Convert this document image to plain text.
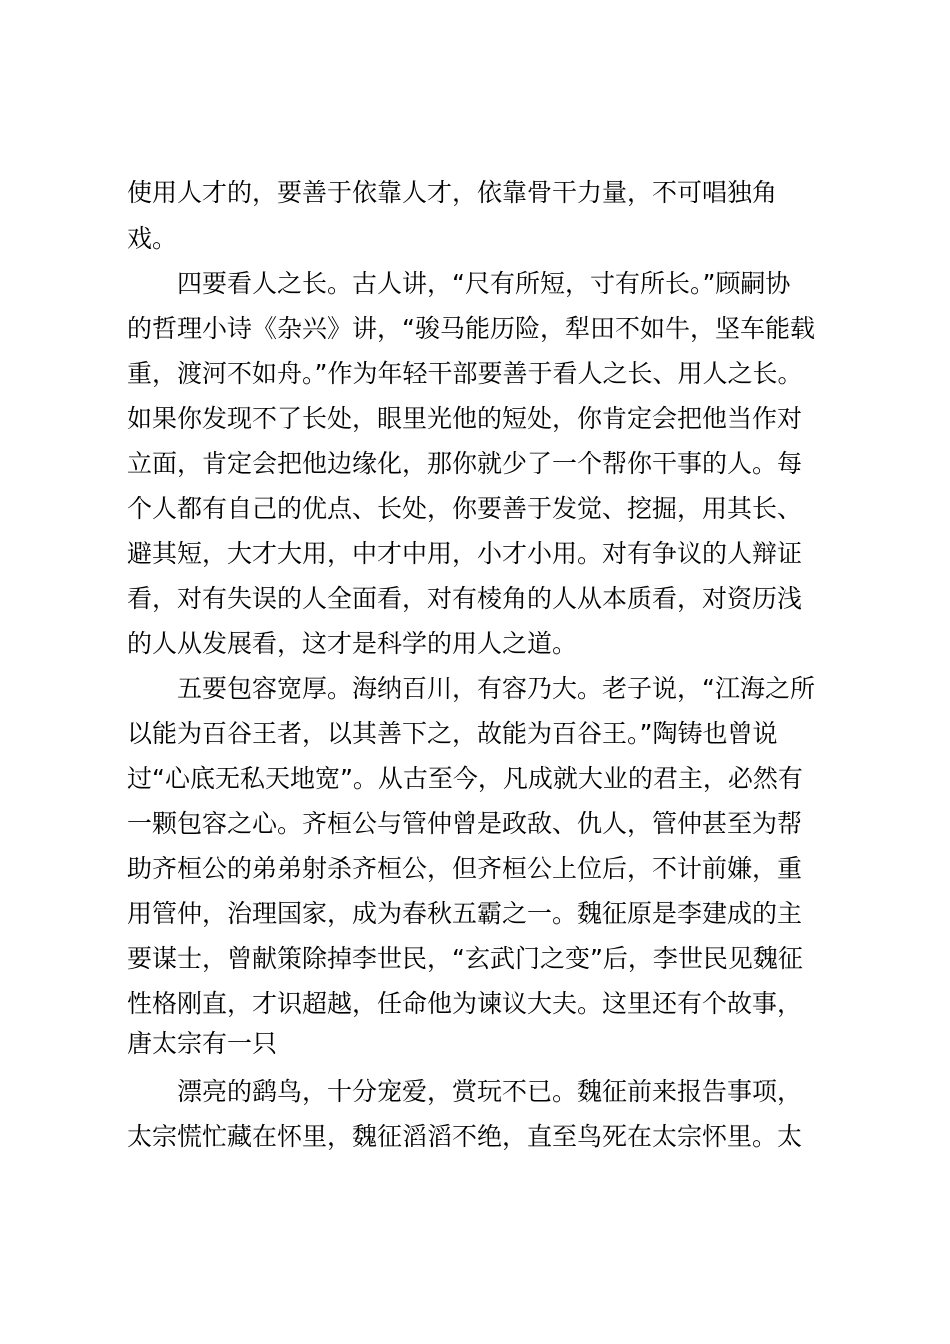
使用人才的，要善于依靠人才，依靠骨干力量，不可唱独角

戏。

四要看人之长。古人讲，“尺有所短，寸有所长。”顾嗣协

的哲理小诗《杂兴》讲，“骏马能历险，犁田不如牛，坚车能载

重，渡河不如舟。”作为年轻干部要善于看人之长、用人之长。

如果你发现不了长处，眼里光他的短处，你肯定会把他当作对

立面，肯定会把他边缘化，那你就少了一个帮你干事的人。每

个人都有自己的优点、长处，你要善于发觉、挖掘，用其长、

避其短，大才大用，中才中用，小才小用。对有争议的人辩证

看，对有失误的人全面看，对有棱角的人从本质看，对资历浅

的人从发展看，这才是科学的用人之道。

五要包容宽厚。海纳百川，有容乃大。老子说，“江海之所

以能为百谷王者，以其善下之，故能为百谷王。”陶铸也曾说

过“心底无私天地宽”。从古至今，凡成就大业的君主，必然有

一颗包容之心。齐桓公与管仲曾是政敌、仇人，管仲甚至为帮

助齐桓公的弟弟射杀齐桓公，但齐桓公上位后，不计前嫌，重

用管仲，治理国家，成为春秋五霸之一。魏征原是李建成的主

要谋士，曾献策除掉李世民，“玄武门之变”后，李世民见魏征

性格刚直，才识超越，任命他为谏议大夫。这里还有个故事，

唐太宗有一只

漂亮的鹞鸟，十分宠爱，赏玩不已。魏征前来报告事项，

太宗慌忙藏在怀里，魏征滔滔不绝，直至鸟死在太宗怀里。太
